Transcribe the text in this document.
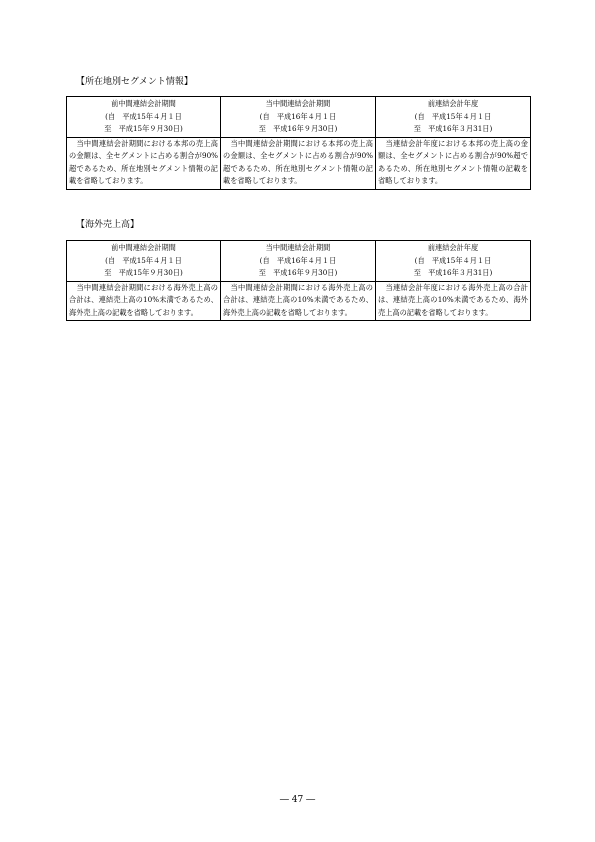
【所在地別セグメント情報】
前中間連結会計期間
(自　平成15年４月１日
至　平成15年９月30日)	当中間連結会計期間
(自　平成16年４月１日
至　平成16年９月30日)	前連結会計年度
(自　平成15年４月１日
至　平成16年３月31日)

　当中間連結会計期間における本邦の売上高の金額は、全セグメントに占める割合が90%超であるため、所在地別セグメント情報の記載を省略しております。	　当中間連結会計期間における本邦の売上高の金額は、全セグメントに占める割合が90%超であるため、所在地別セグメント情報の記載を省略しております。	　当連結会計年度における本邦の売上高の金額は、全セグメントに占める割合が90%超であるため、所在地別セグメント情報の記載を省略しております。
【海外売上高】
前中間連結会計期間
(自　平成15年４月１日
至　平成15年９月30日)	当中間連結会計期間
(自　平成16年４月１日
至　平成16年９月30日)	前連結会計年度
(自　平成15年４月１日
至　平成16年３月31日)

　当中間連結会計期間における海外売上高の合計は、連結売上高の10%未満であるため、海外売上高の記載を省略しております。	　当中間連結会計期間における海外売上高の合計は、連結売上高の10%未満であるため、海外売上高の記載を省略しております。	　当連結会計年度における海外売上高の合計は、連結売上高の10%未満であるため、海外売上高の記載を省略しております。
― 47 ―
